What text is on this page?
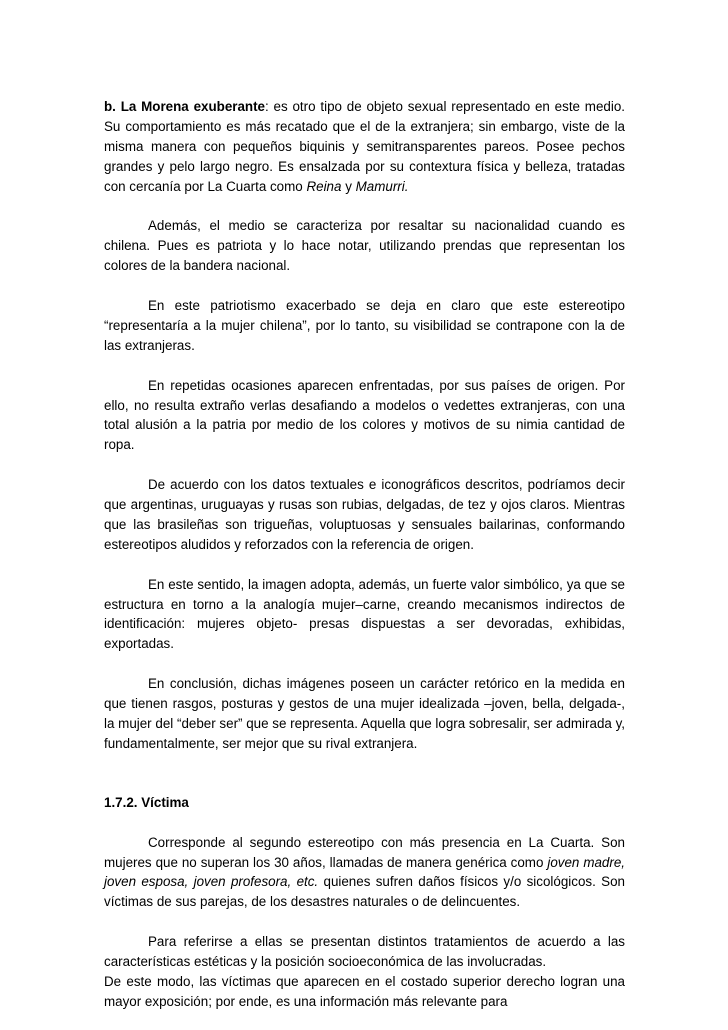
b. La Morena exuberante: es otro tipo de objeto sexual representado en este medio. Su comportamiento es más recatado que el de la extranjera; sin embargo, viste de la misma manera con pequeños biquinis y semitransparentes pareos. Posee pechos grandes y pelo largo negro. Es ensalzada por su contextura física y belleza, tratadas con cercanía por La Cuarta como Reina y Mamurri.

Además, el medio se caracteriza por resaltar su nacionalidad cuando es chilena. Pues es patriota y lo hace notar, utilizando prendas que representan los colores de la bandera nacional.

En este patriotismo exacerbado se deja en claro que este estereotipo “representaría a la mujer chilena”, por lo tanto, su visibilidad se contrapone con la de las extranjeras.

En repetidas ocasiones aparecen enfrentadas, por sus países de origen. Por ello, no resulta extraño verlas desafiando a modelos o vedettes extranjeras, con una total alusión a la patria por medio de los colores y motivos de su nimia cantidad de ropa.

De acuerdo con los datos textuales e iconográficos descritos, podríamos decir que argentinas, uruguayas y rusas son rubias, delgadas, de tez y ojos claros. Mientras que las brasileñas son trigueñas, voluptuosas y sensuales bailarinas, conformando estereotipos aludidos y reforzados con la referencia de origen.

En este sentido, la imagen adopta, además, un fuerte valor simbólico, ya que se estructura en torno a la analogía mujer–carne, creando mecanismos indirectos de identificación: mujeres objeto- presas dispuestas a ser devoradas, exhibidas, exportadas.

En conclusión, dichas imágenes poseen un carácter retórico en la medida en que tienen rasgos, posturas y gestos de una mujer idealizada –joven, bella, delgada-, la mujer del “deber ser” que se representa. Aquella que logra sobresalir, ser admirada y, fundamentalmente, ser mejor que su rival extranjera.

1.7.2. Víctima

Corresponde al segundo estereotipo con más presencia en La Cuarta. Son mujeres que no superan los 30 años, llamadas de manera genérica como joven madre, joven esposa, joven profesora, etc. quienes sufren daños físicos y/o sicológicos. Son víctimas de sus parejas, de los desastres naturales o de delincuentes.

Para referirse a ellas se presentan distintos tratamientos de acuerdo a las características estéticas y la posición socioeconómica de las involucradas.
De este modo, las víctimas que aparecen en el costado superior derecho logran una mayor exposición; por ende, es una información más relevante para
